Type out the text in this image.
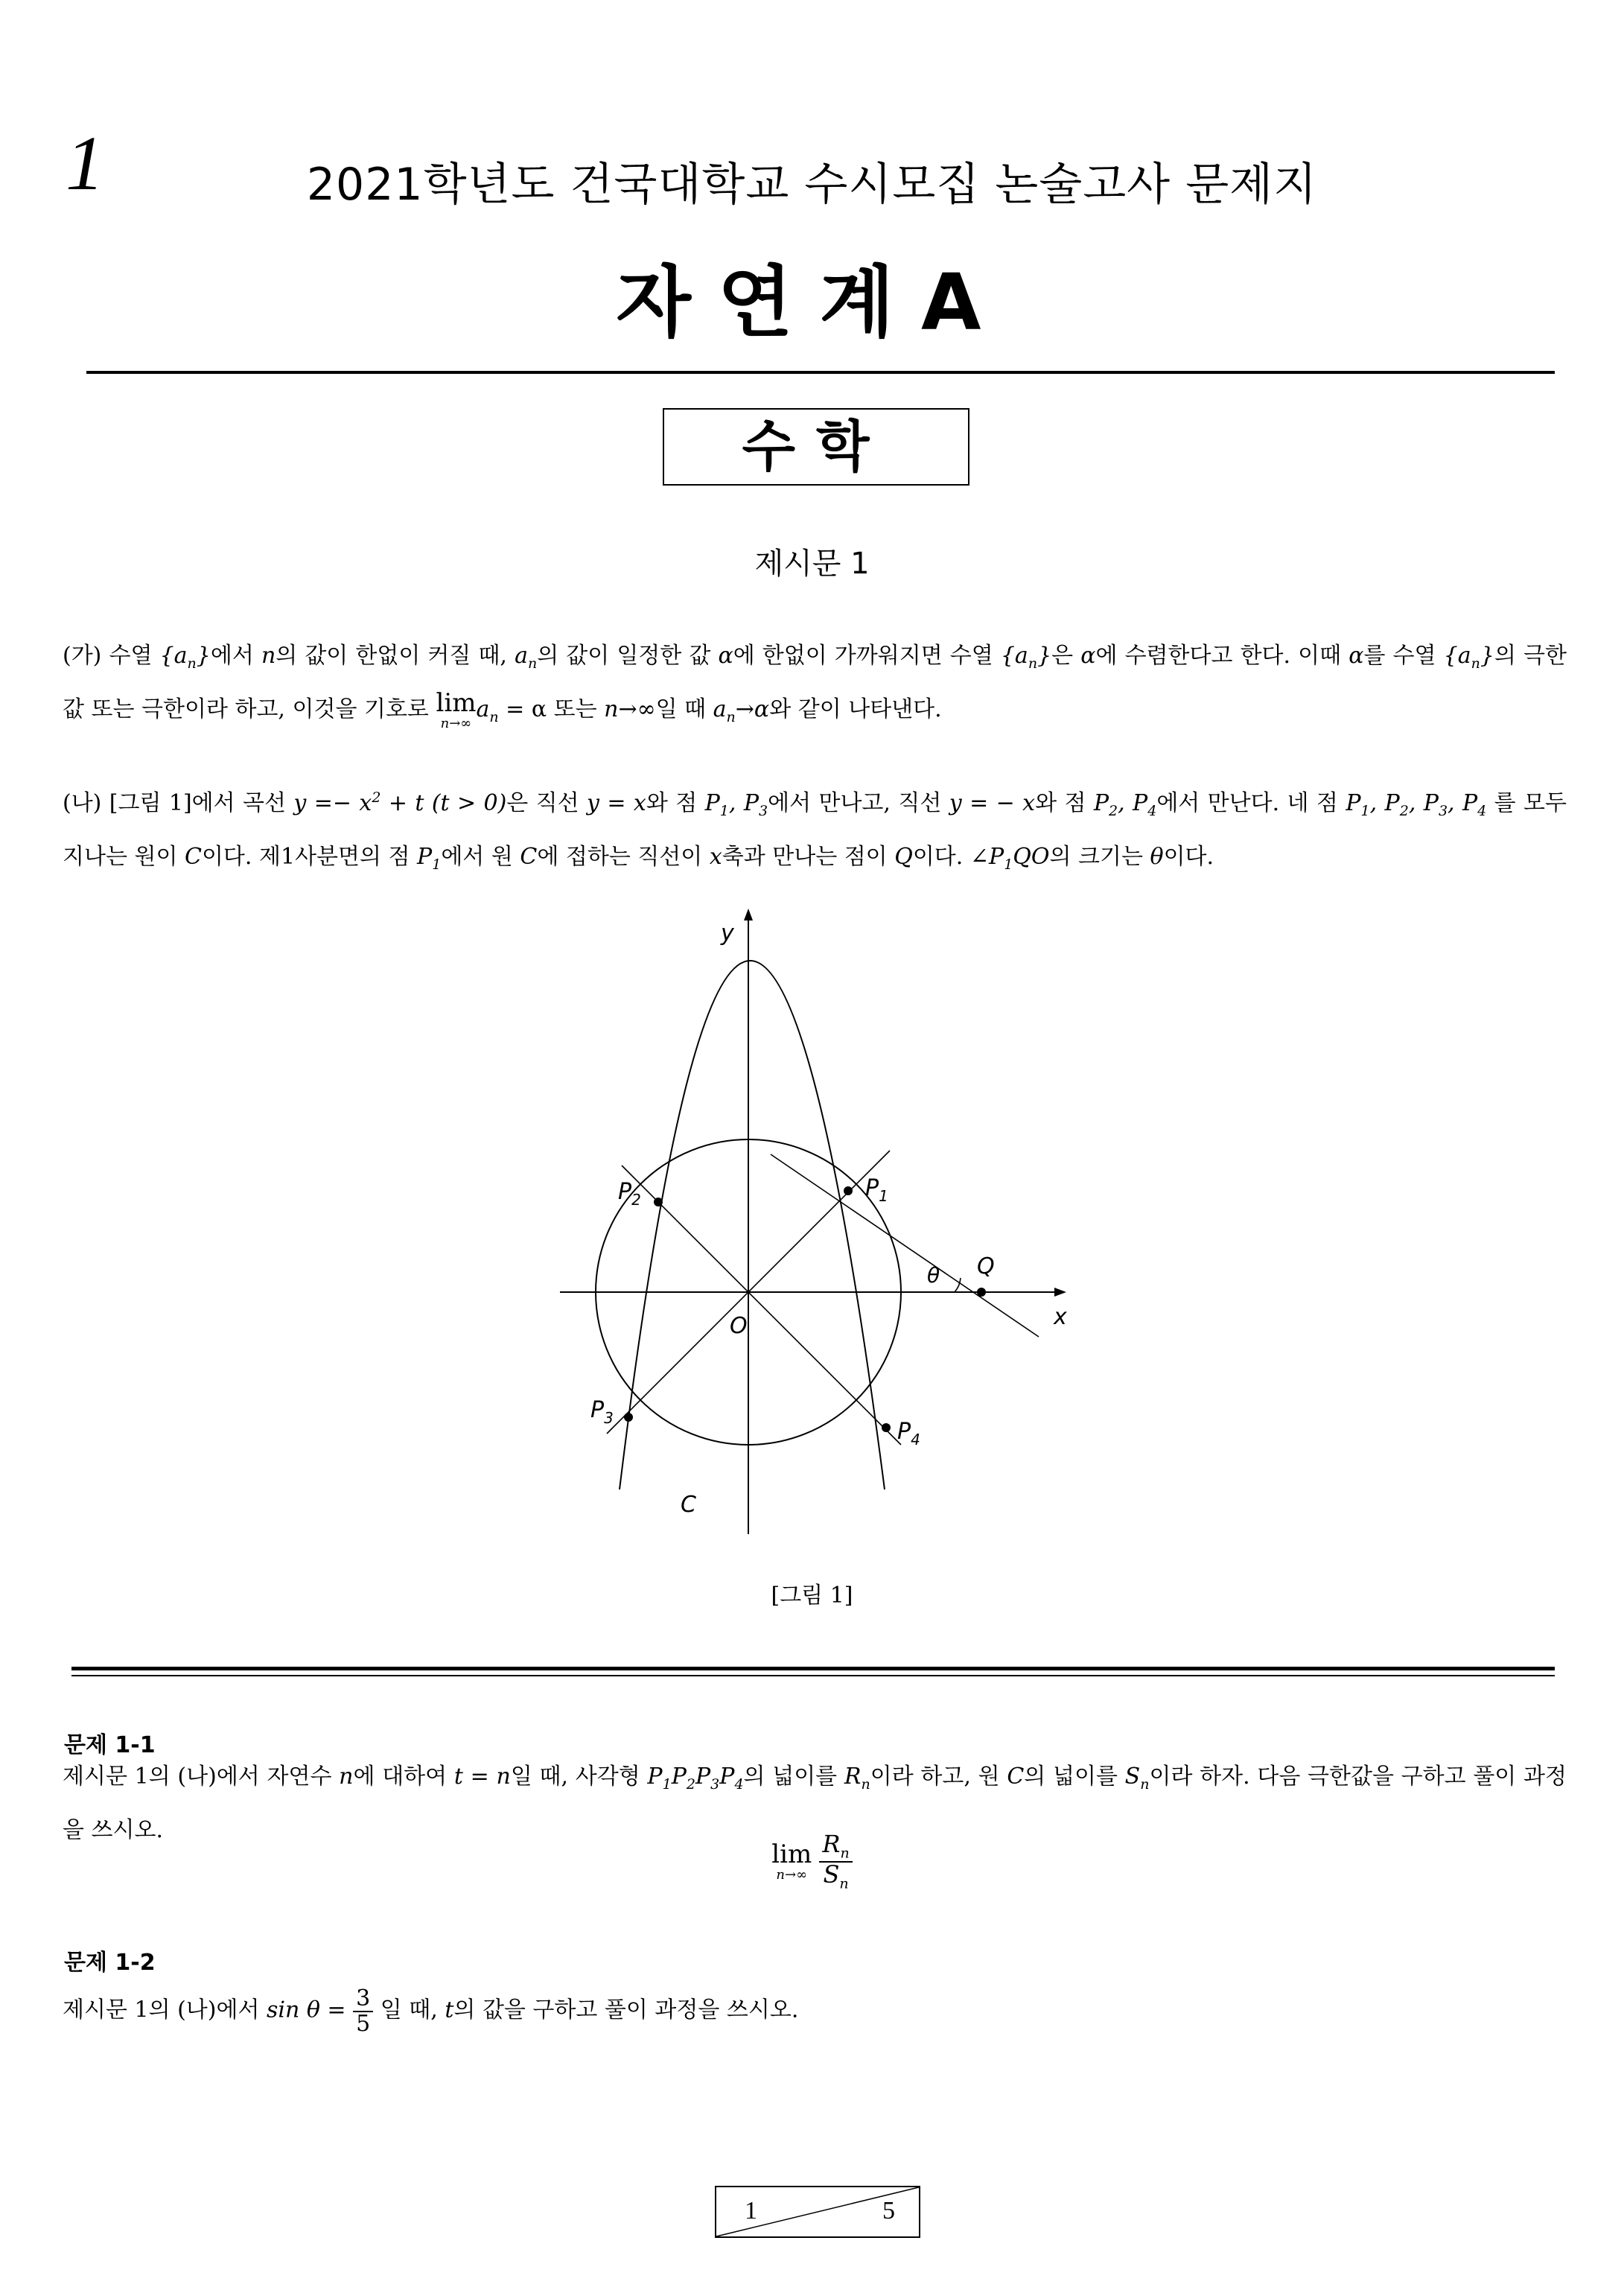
1	2021학년도 건국대학교 수시모집 논술고사 문제지
자연계A
수학
제시문 1
(가) 수열 $\{a_n\}$에서 n의 값이 한없이 커질 때, $a_n$의 값이 일정한 값 α에 한없이 가까워지면 수열 $\{a_n\}$은 α에 수렴한다고 한다. 이때 α를 수열 $\{a_n\}$의 극한값 또는 극한이라 하고, 이것을 기호로 lim
n→∞
$a_n = \alpha$ 또는 n→∞일 때 $a_n\to\alpha$와 같이 나타낸다.
(나) [그림 1]에서 곡선 $y =- x^2 + t$ (t > 0)은 직선 y = x와 점 $P_1$, $P_3$에서 만나고, 직선 y = − x와 점 $P_2$, $P_4$에서 만난다. 네 점 $P_1$, $P_2$, $P_3$, $P_4$ 를 모두 지나는 원이 C이다. 제1사분면의 점 $P_1$에서 원 C에 접하는 직선이 x축과 만나는 점이 Q이다. $\angle P_1QO$의 크기는 θ이다.
y
x
O
C
Q
θ
$P_1$
$P_2$
$P_3$
$P_4$
[그림 1]
문제 1-1
제시문 1의 (나)에서 자연수 n에 대하여 t = n일 때, 사각형 $P_1P_2P_3P_4$의 넓이를 $R_n$이라 하고, 원 C의 넓이를 $S_n$이라 하자. 다음 극한값을 구하고 풀이 과정을 쓰시오.
lim
n→∞
$\frac{R_n}{S_n}$
문제 1-2
제시문 1의 (나)에서 $\sin \theta = \frac{3}{5}$ 일 때, t의 값을 구하고 풀이 과정을 쓰시오.
1	5
